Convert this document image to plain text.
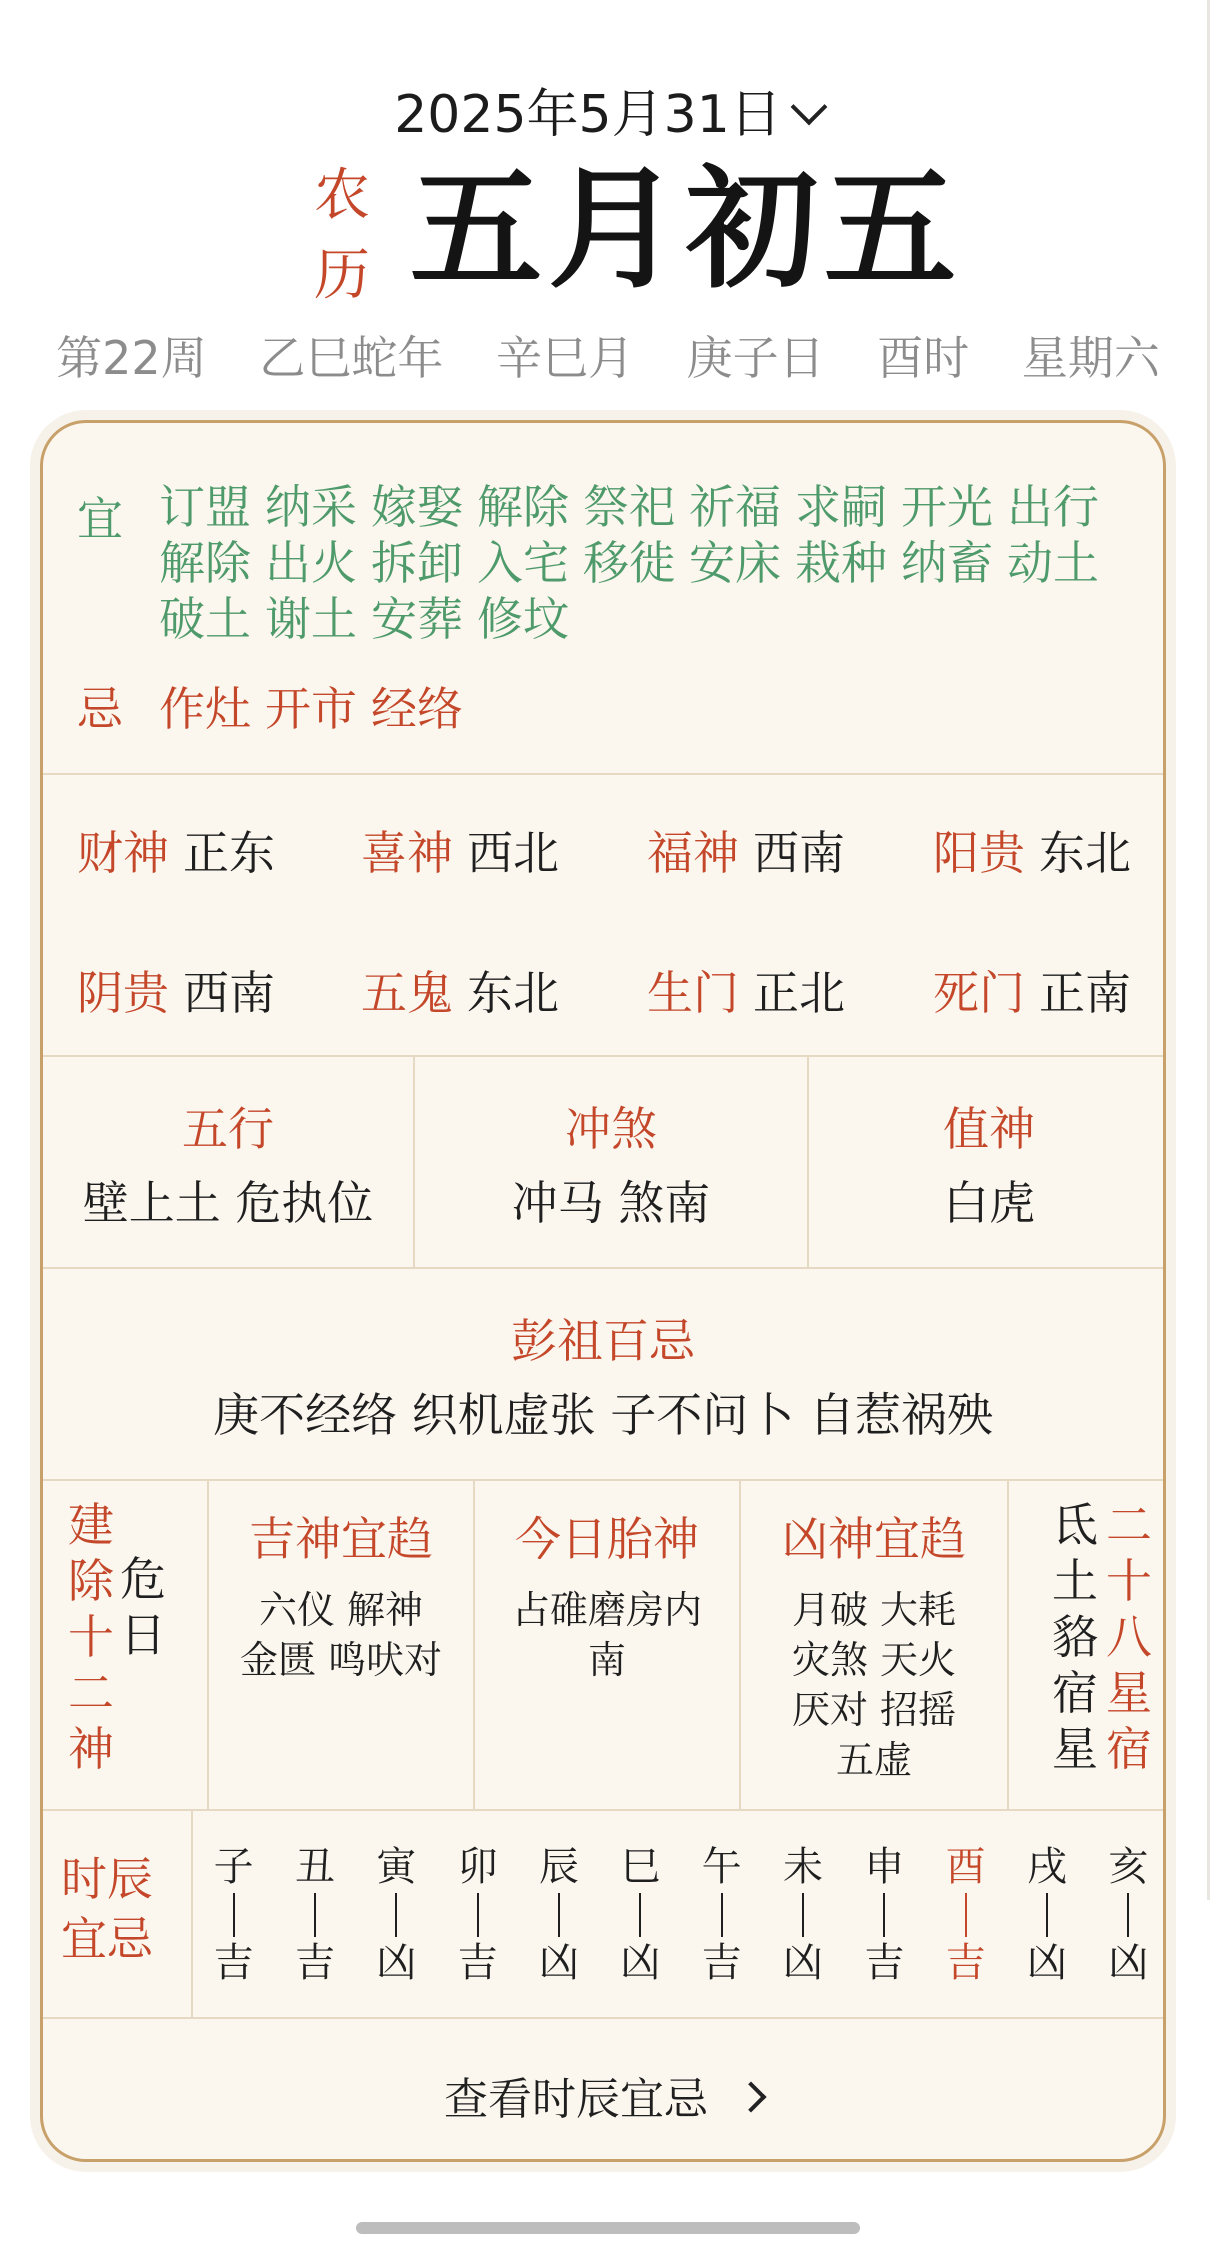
2025年5月31日
农
历 五月初五
第22周 乙巳蛇年 辛巳月 庚子日 酉时 星期六
宜 订盟 纳采 嫁娶 解除 祭祀 祈福 求嗣 开光 出行解除 出火 拆卸 入宅 移徙 安床 栽种 纳畜 动土破土 谢土 安葬 修坟
忌 作灶 开市 经络
财神 正东 喜神 西北 福神 西南 阳贵 东北
阴贵 西南 五鬼 东北 生门 正北 死门 正南
五行
壁上土 危执位
冲煞
冲马 煞南
值神
白虎
彭祖百忌
庚不经络 织机虚张 子不问卜 自惹祸殃
建
除
十
二
神
危
日
吉神宜趋
六仪 解神
金匮 鸣吠对
今日胎神
占碓磨房内
南
凶神宜趋
月破 大耗
灾煞 天火
厌对 招摇
五虚
氐
土
貉
宿
星
二
十
八
星
宿
时辰
宜忌
子
吉
丑
吉
寅
凶
卯
吉
辰
凶
巳
凶
午
吉
未
凶
申
吉
酉
吉
戌
凶
亥
凶
查看时辰宜忌
